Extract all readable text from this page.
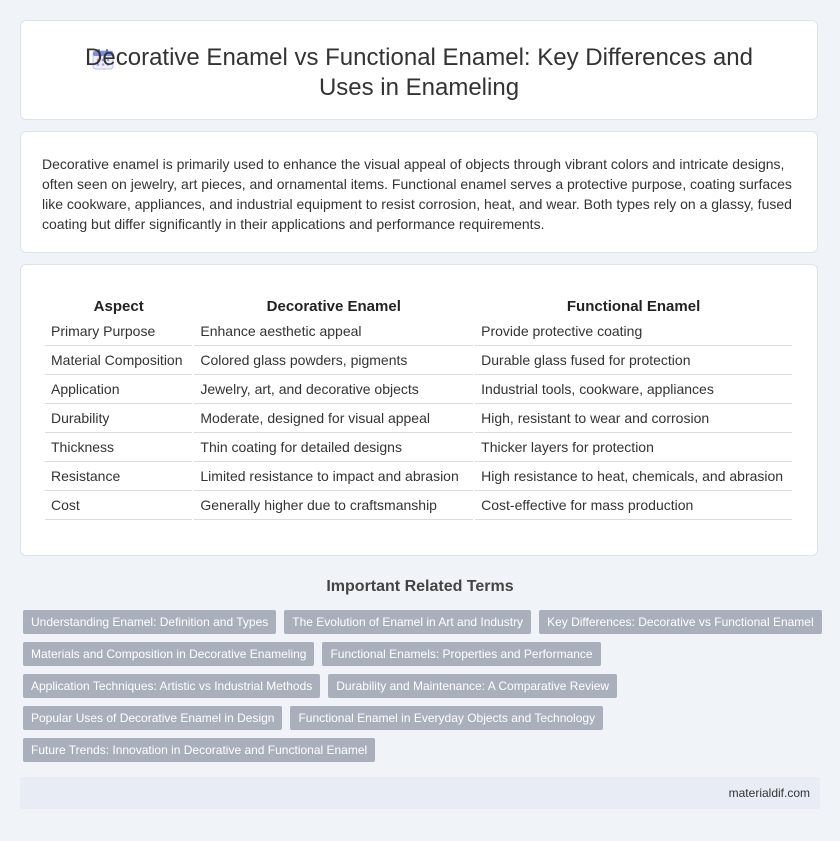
Decorative Enamel vs Functional Enamel: Key Differences and Uses in Enameling

Decorative enamel is primarily used to enhance the visual appeal of objects through vibrant colors and intricate designs, often seen on jewelry, art pieces, and ornamental items. Functional enamel serves a protective purpose, coating surfaces like cookware, appliances, and industrial equipment to resist corrosion, heat, and wear. Both types rely on a glassy, fused coating but differ significantly in their applications and performance requirements.

Aspect	Decorative Enamel	Functional Enamel
Primary Purpose	Enhance aesthetic appeal	Provide protective coating
Material Composition	Colored glass powders, pigments	Durable glass fused for protection
Application	Jewelry, art, and decorative objects	Industrial tools, cookware, appliances
Durability	Moderate, designed for visual appeal	High, resistant to wear and corrosion
Thickness	Thin coating for detailed designs	Thicker layers for protection
Resistance	Limited resistance to impact and abrasion	High resistance to heat, chemicals, and abrasion
Cost	Generally higher due to craftsmanship	Cost-effective for mass production
Important Related Terms
Understanding Enamel: Definition and Types	The Evolution of Enamel in Art and Industry	Key Differences: Decorative vs Functional Enamel
Materials and Composition in Decorative Enameling	Functional Enamels: Properties and Performance
Application Techniques: Artistic vs Industrial Methods	Durability and Maintenance: A Comparative Review
Popular Uses of Decorative Enamel in Design	Functional Enamel in Everyday Objects and Technology
Future Trends: Innovation in Decorative and Functional Enamel
materialdif.com
